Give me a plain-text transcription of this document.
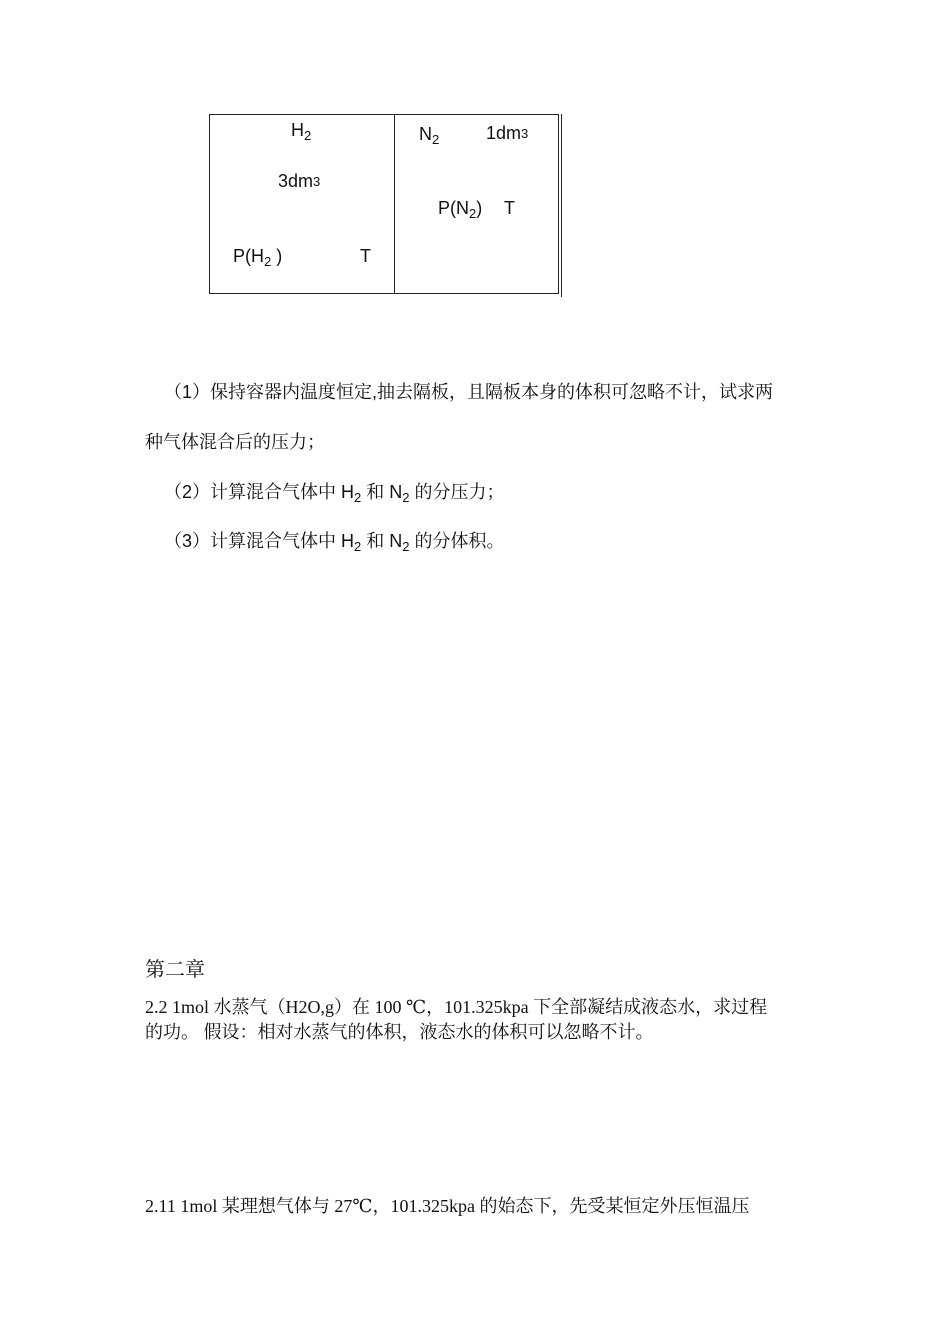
$H_2$
3dm3
$P(H_2$ )	T
$N_2$	1dm3
$P(N_2)$ T
（1）保持容器内温度恒定,抽去隔板，且隔板本身的体积可忽略不计，试求两
种气体混合后的压力；
（2）计算混合气体中 $H_2$ 和 $N_2$ 的分压力；
（3）计算混合气体中 $H_2$ 和 $N_2$ 的分体积。
第二章
2.2 1mol 水蒸气（H2O,g）在 100 ℃，101.325kpa 下全部凝结成液态水，求过程
的功。 假设：相对水蒸气的体积，液态水的体积可以忽略不计。
2.11 1mol 某理想气体与 27℃，101.325kpa 的始态下，先受某恒定外压恒温压
